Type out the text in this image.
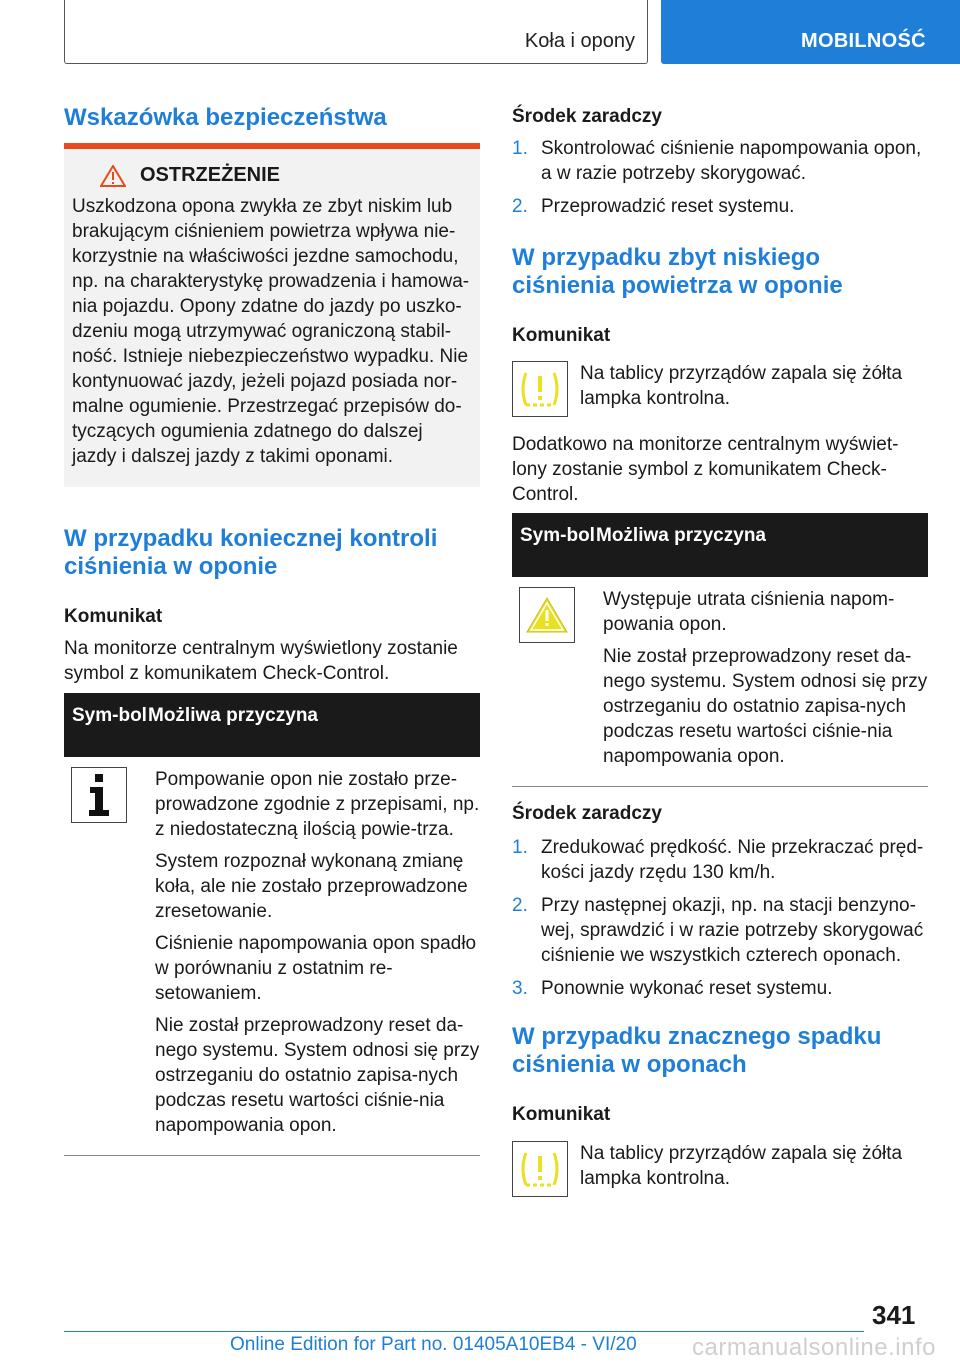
Koła i opony	MOBILNOŚĆ
Wskazówka bezpieczeństwa
OSTRZEŻENIE

Uszkodzona opona zwykła ze zbyt niskim lub brakującym ciśnieniem powietrza wpływa nie-korzystnie na właściwości jezdne samochodu, np. na charakterystykę prowadzenia i hamowa-nia pojazdu. Opony zdatne do jazdy po uszko-dzeniu mogą utrzymywać ograniczoną stabil-ność. Istnieje niebezpieczeństwo wypadku. Nie kontynuować jazdy, jeżeli pojazd posiada nor-malne ogumienie. Przestrzegać przepisów do-tyczących ogumienia zdatnego do dalszej jazdy i dalszej jazdy z takimi oponami.

W przypadku koniecznej kontroli ciśnienia w oponie

Komunikat

Na monitorze centralnym wyświetlony zostanie symbol z komunikatem Check-Control.

Sym-bol Możliwa przyczyna

Pompowanie opon nie zostało prze-prowadzone zgodnie z przepisami, np. z niedostateczną ilością powie-trza.

System rozpoznał wykonaną zmianę koła, ale nie zostało przeprowadzone zresetowanie.

Ciśnienie napompowania opon spadło w porównaniu z ostatnim re-setowaniem.

Nie został przeprowadzony reset da-nego systemu. System odnosi się przy ostrzeganiu do ostatnio zapisa-nych podczas resetu wartości ciśnie-nia napompowania opon.

Środek zaradczy

1. Skontrolować ciśnienie napompowania opon, a w razie potrzeby skorygować.
2. Przeprowadzić reset systemu.
W przypadku zbyt niskiego ciśnienia powietrza w oponie

Komunikat

Na tablicy przyrządów zapala się żółta lampka kontrolna.

Dodatkowo na monitorze centralnym wyświet-lony zostanie symbol z komunikatem Check-Control.

Sym-bol Możliwa przyczyna

Występuje utrata ciśnienia napom-powania opon.

Nie został przeprowadzony reset da-nego systemu. System odnosi się przy ostrzeganiu do ostatnio zapisa-nych podczas resetu wartości ciśnie-nia napompowania opon.

Środek zaradczy

1. Zredukować prędkość. Nie przekraczać pręd-kości jazdy rzędu 130 km/h.
2. Przy następnej okazji, np. na stacji benzyno-wej, sprawdzić i w razie potrzeby skorygować ciśnienie we wszystkich czterech oponach.
3. Ponownie wykonać reset systemu.
W przypadku znacznego spadku ciśnienia w oponach

Komunikat

Na tablicy przyrządów zapala się żółta lampka kontrolna.

341
Online Edition for Part no. 01405A10EB4 - VI/20 carmanualsonline.info
